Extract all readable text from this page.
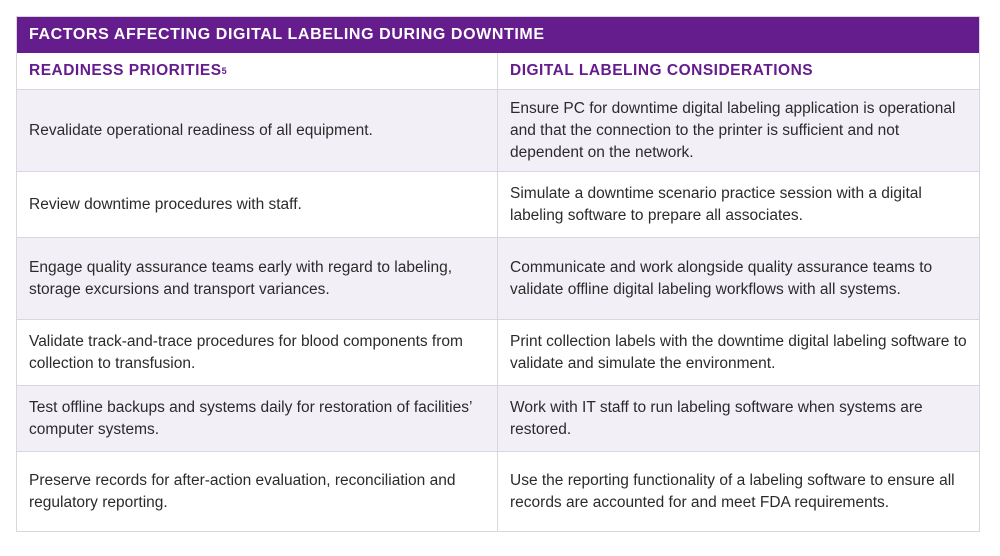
FACTORS AFFECTING DIGITAL LABELING DURING DOWNTIME
READINESS PRIORITIES 5	DIGITAL LABELING CONSIDERATIONS
Revalidate operational readiness of all equipment.
Ensure PC for downtime digital labeling application is operational and that the connection to the printer is sufficient and not dependent on the network.
Review downtime procedures with staff.
Simulate a downtime scenario practice session with a digital labeling software to prepare all associates.
Engage quality assurance teams early with regard to labeling, storage excursions and transport variances.
Communicate and work alongside quality assurance teams to validate offline digital labeling workflows with all systems.
Validate track-and-trace procedures for blood components from collection to transfusion.
Print collection labels with the downtime digital labeling software to validate and simulate the environment.
Test offline backups and systems daily for restoration of facilities’ computer systems.
Work with IT staff to run labeling software when systems are restored.
Preserve records for after-action evaluation, reconciliation and regulatory reporting.
Use the reporting functionality of a labeling software to ensure all records are accounted for and meet FDA requirements.
